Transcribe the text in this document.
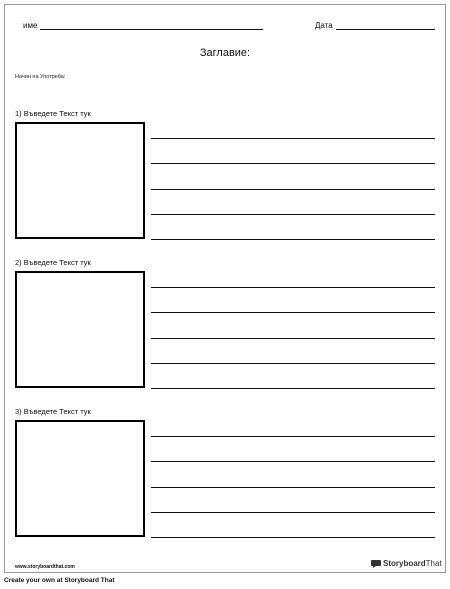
име	Дата
Заглавие:
Начин на Употреба:
1) Въведете Текст тук
2) Въведете Текст тук
3) Въведете Текст тук
www.storyboardthat.com	StoryboardThat
Create your own at Storyboard That
